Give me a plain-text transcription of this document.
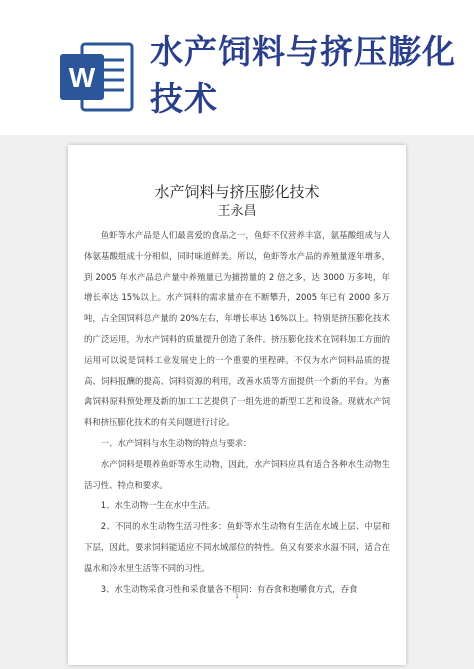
W
水产饲料与挤压膨化技术
水产饲料与挤压膨化技术
王永昌

鱼虾等水产品是人们最喜爱的食品之一，鱼虾不仅营养丰富，氨基酸组成与人体氨基酸组成十分相似，同时味道鲜美。所以，鱼虾等水产品的养殖量逐年增多，到 2005 年水产品总产量中养殖量已为捕捞量的 2 倍之多，达 3000 万多吨，年增长率达 15%以上。水产饲料的需求量亦在不断攀升，2005 年已有 2000 多万吨，占全国饲料总产量的 20%左右，年增长率达 16%以上。特别是挤压膨化技术的广泛运用，为水产饲料的质量提升创造了条件。挤压膨化技术在饲料加工方面的运用可以说是饲料工业发展史上的一个重要的里程碑。不仅为水产饲料品质的提高、饲料报酬的提高、饲料资源的利用，改善水质等方面提供一个新的平台。为畜禽饲料原料预处理及新的加工工艺提供了一组先进的新型工艺和设备。现就水产饲料和挤压膨化技术的有关问题进行讨论。

一、水产饲料与水生动物的特点与要求：

水产饲料是喂养鱼虾等水生动物，因此，水产饲料应具有适合各种水生动物生活习性、特点和要求。

1、水生动物一生在水中生活。

2、不同的水生动物生活习性多：鱼虾等水生动物有生活在水域上层、中层和下层，因此，要求饲料能适应不同水域部位的特性。鱼又有要求水温不同，适合在温水和冷水里生活等不同的习性。

3、水生动物采食习性和采食量各不相同：有吞食和抱嚼食方式，吞食

1
